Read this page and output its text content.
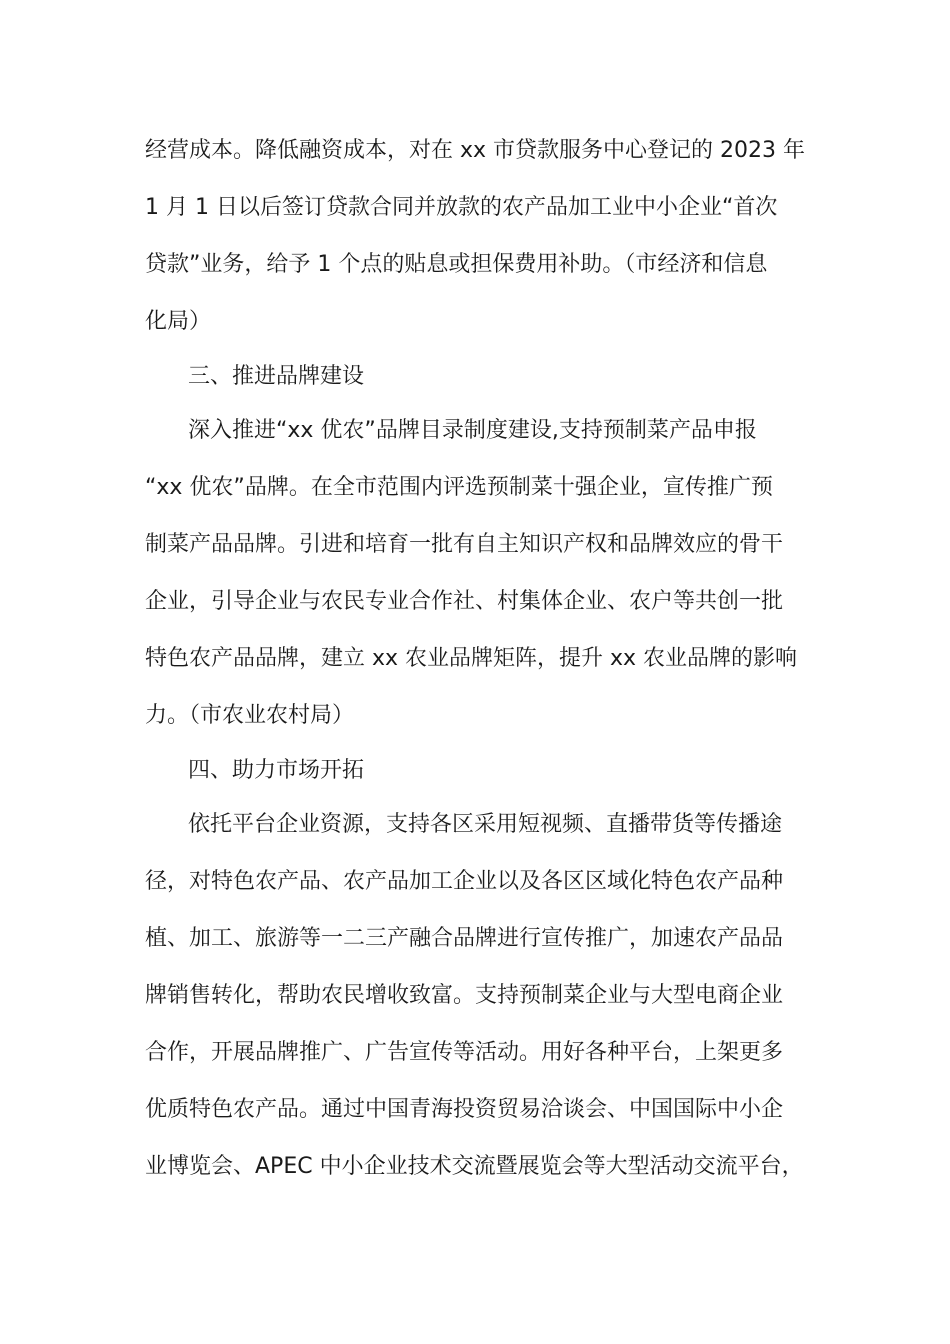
经营成本。降低融资成本，对在 xx 市贷款服务中心登记的 2023 年
1 月 1 日以后签订贷款合同并放款的农产品加工业中小企业“首次
贷款”业务，给予 1 个点的贴息或担保费用补助。（市经济和信息
化局）
三、推进品牌建设
深入推进“xx 优农”品牌目录制度建设,支持预制菜产品申报
“xx 优农”品牌。在全市范围内评选预制菜十强企业，宣传推广预
制菜产品品牌。引进和培育一批有自主知识产权和品牌效应的骨干
企业，引导企业与农民专业合作社、村集体企业、农户等共创一批
特色农产品品牌，建立 xx 农业品牌矩阵，提升 xx 农业品牌的影响
力。（市农业农村局）
四、助力市场开拓
依托平台企业资源，支持各区采用短视频、直播带货等传播途
径，对特色农产品、农产品加工企业以及各区区域化特色农产品种
植、加工、旅游等一二三产融合品牌进行宣传推广，加速农产品品
牌销售转化，帮助农民增收致富。支持预制菜企业与大型电商企业
合作，开展品牌推广、广告宣传等活动。用好各种平台，上架更多
优质特色农产品。通过中国青海投资贸易洽谈会、中国国际中小企
业博览会、APEC 中小企业技术交流暨展览会等大型活动交流平台，
